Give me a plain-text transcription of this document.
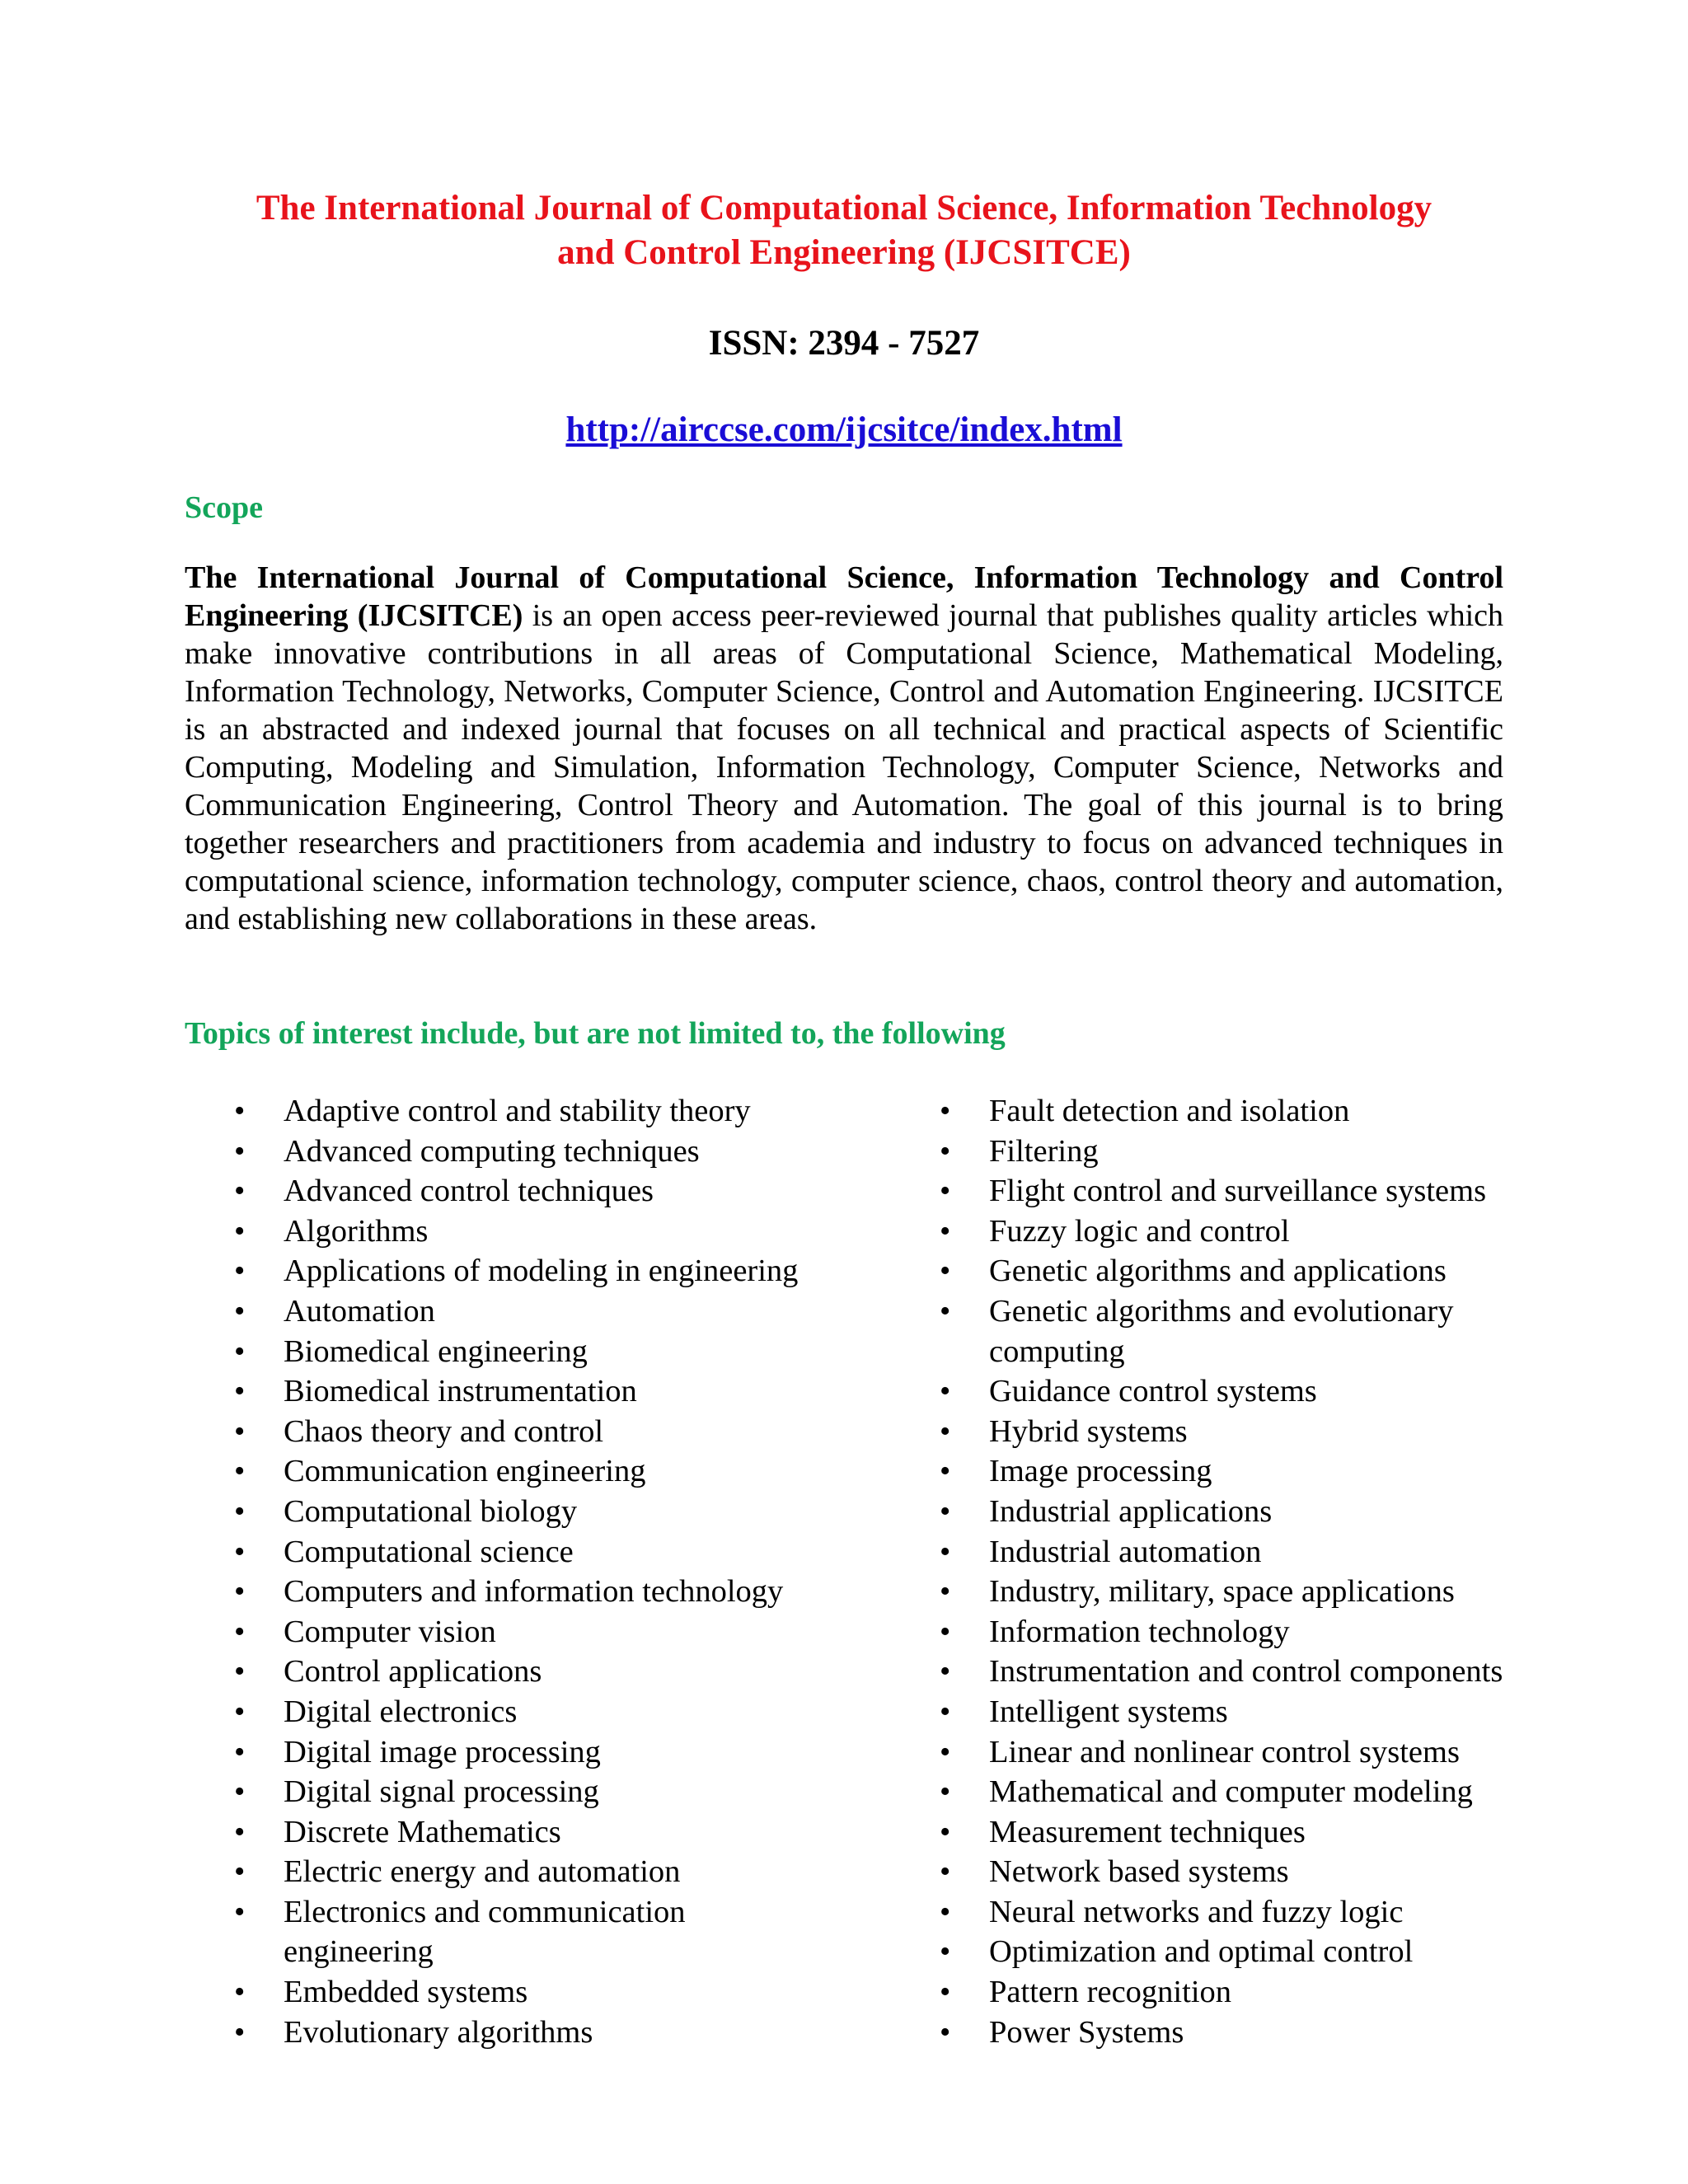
The International Journal of Computational Science, Information Technology
and Control Engineering (IJCSITCE)
ISSN: 2394 - 7527
http://airccse.com/ijcsitce/index.html
Scope
The International Journal of Computational Science, Information Technology and Control Engineering (IJCSITCE) is an open access peer-reviewed journal that publishes quality articles which make innovative contributions in all areas of Computational Science, Mathematical Modeling, Information Technology, Networks, Computer Science, Control and Automation Engineering. IJCSITCE is an abstracted and indexed journal that focuses on all technical and practical aspects of Scientific Computing, Modeling and Simulation, Information Technology, Computer Science, Networks and Communication Engineering, Control Theory and Automation. The goal of this journal is to bring together researchers and practitioners from academia and industry to focus on advanced techniques in computational science, information technology, computer science, chaos, control theory and automation, and establishing new collaborations in these areas.
Topics of interest include, but are not limited to, the following
• Adaptive control and stability theory
• Advanced computing techniques
• Advanced control techniques
• Algorithms
• Applications of modeling in engineering
• Automation
• Biomedical engineering
• Biomedical instrumentation
• Chaos theory and control
• Communication engineering
• Computational biology
• Computational science
• Computers and information technology
• Computer vision
• Control applications
• Digital electronics
• Digital image processing
• Digital signal processing
• Discrete Mathematics
• Electric energy and automation
• Electronics and communication engineering
• Embedded systems
• Evolutionary algorithms
• Fault detection and isolation
• Filtering
• Flight control and surveillance systems
• Fuzzy logic and control
• Genetic algorithms and applications
• Genetic algorithms and evolutionary computing
• Guidance control systems
• Hybrid systems
• Image processing
• Industrial applications
• Industrial automation
• Industry, military, space applications
• Information technology
• Instrumentation and control components
• Intelligent systems
• Linear and nonlinear control systems
• Mathematical and computer modeling
• Measurement techniques
• Network based systems
• Neural networks and fuzzy logic
• Optimization and optimal control
• Pattern recognition
• Power Systems
